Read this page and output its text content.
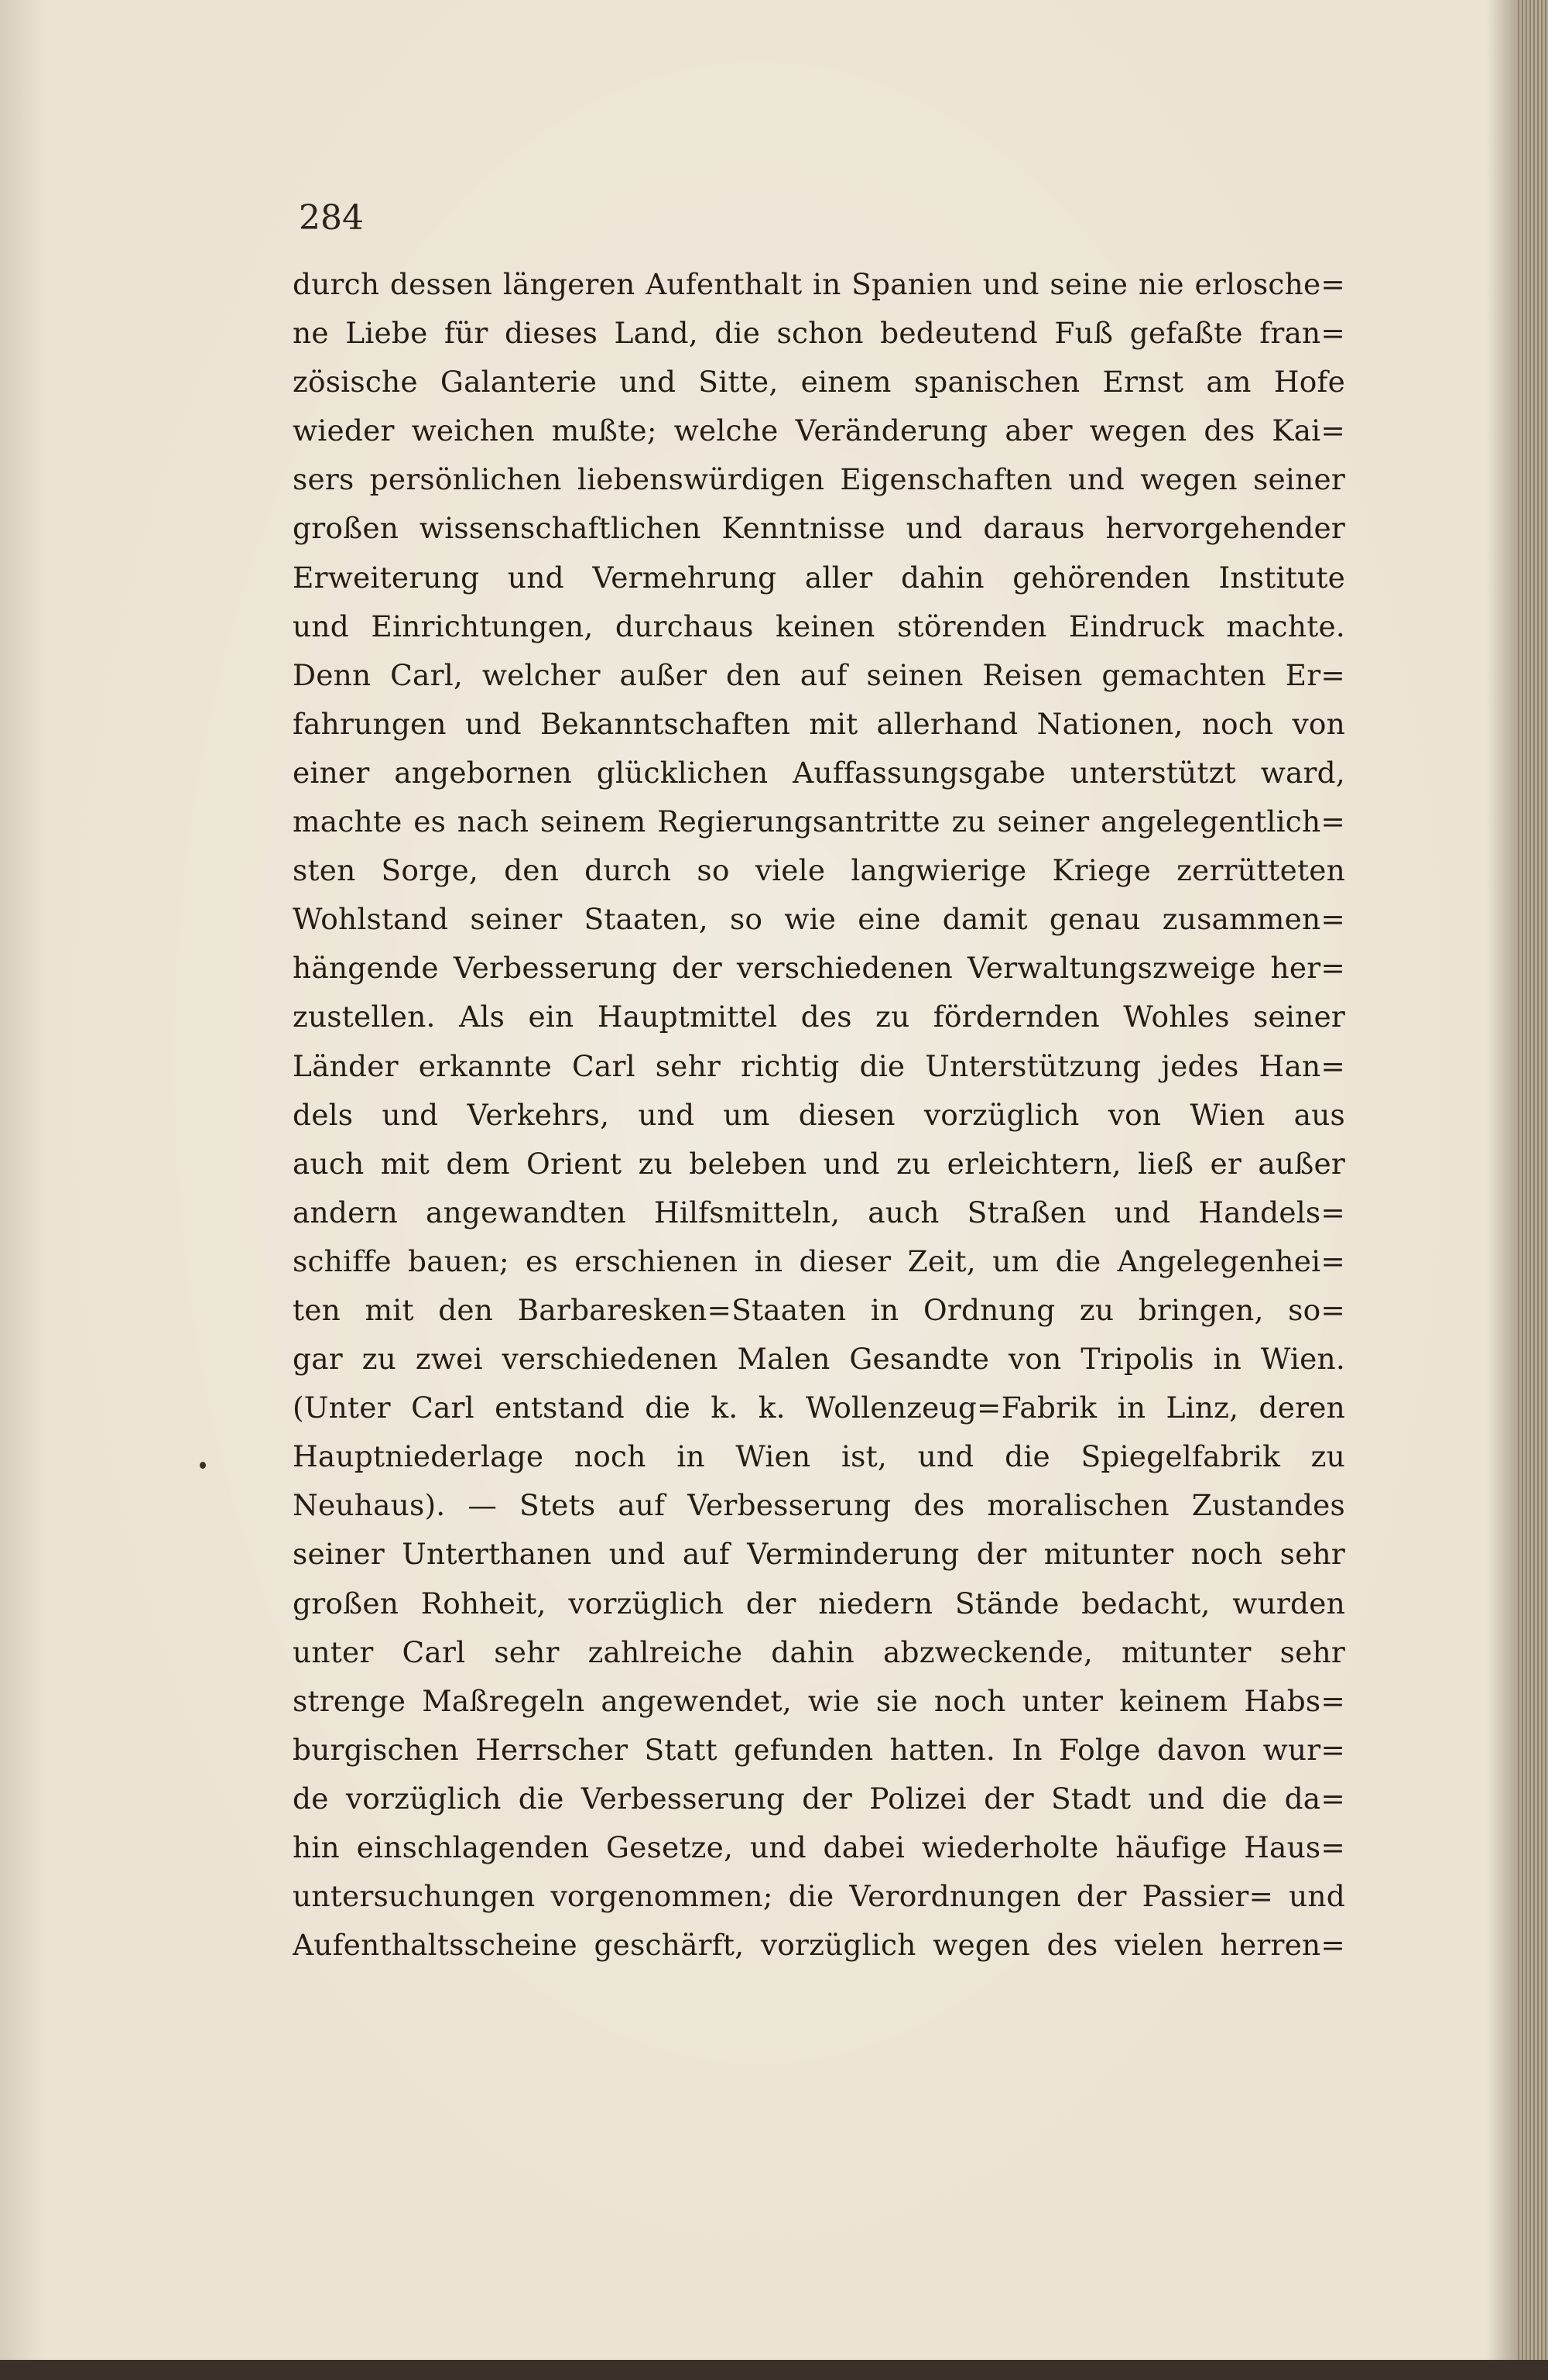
284
durch dessen längeren Aufenthalt in Spanien und seine nie erlosche=
ne Liebe für dieses Land, die schon bedeutend Fuß gefaßte fran=
zösische Galanterie und Sitte, einem spanischen Ernst am Hofe
wieder weichen mußte; welche Veränderung aber wegen des Kai=
sers persönlichen liebenswürdigen Eigenschaften und wegen seiner
großen wissenschaftlichen Kenntnisse und daraus hervorgehender
Erweiterung und Vermehrung aller dahin gehörenden Institute
und Einrichtungen, durchaus keinen störenden Eindruck machte.
Denn Carl, welcher außer den auf seinen Reisen gemachten Er=
fahrungen und Bekanntschaften mit allerhand Nationen, noch von
einer angebornen glücklichen Auffassungsgabe unterstützt ward,
machte es nach seinem Regierungsantritte zu seiner angelegentlich=
sten Sorge, den durch so viele langwierige Kriege zerrütteten
Wohlstand seiner Staaten, so wie eine damit genau zusammen=
hängende Verbesserung der verschiedenen Verwaltungszweige her=
zustellen. Als ein Hauptmittel des zu fördernden Wohles seiner
Länder erkannte Carl sehr richtig die Unterstützung jedes Han=
dels und Verkehrs, und um diesen vorzüglich von Wien aus
auch mit dem Orient zu beleben und zu erleichtern, ließ er außer
andern angewandten Hilfsmitteln, auch Straßen und Handels=
schiffe bauen; es erschienen in dieser Zeit, um die Angelegenhei=
ten mit den Barbaresken=Staaten in Ordnung zu bringen, so=
gar zu zwei verschiedenen Malen Gesandte von Tripolis in Wien.
(Unter Carl entstand die k. k. Wollenzeug=Fabrik in Linz, deren
Hauptniederlage noch in Wien ist, und die Spiegelfabrik zu
Neuhaus). — Stets auf Verbesserung des moralischen Zustandes
seiner Unterthanen und auf Verminderung der mitunter noch sehr
großen Rohheit, vorzüglich der niedern Stände bedacht, wurden
unter Carl sehr zahlreiche dahin abzweckende, mitunter sehr
strenge Maßregeln angewendet, wie sie noch unter keinem Habs=
burgischen Herrscher Statt gefunden hatten. In Folge davon wur=
de vorzüglich die Verbesserung der Polizei der Stadt und die da=
hin einschlagenden Gesetze, und dabei wiederholte häufige Haus=
untersuchungen vorgenommen; die Verordnungen der Passier= und
Aufenthaltsscheine geschärft, vorzüglich wegen des vielen herren=
